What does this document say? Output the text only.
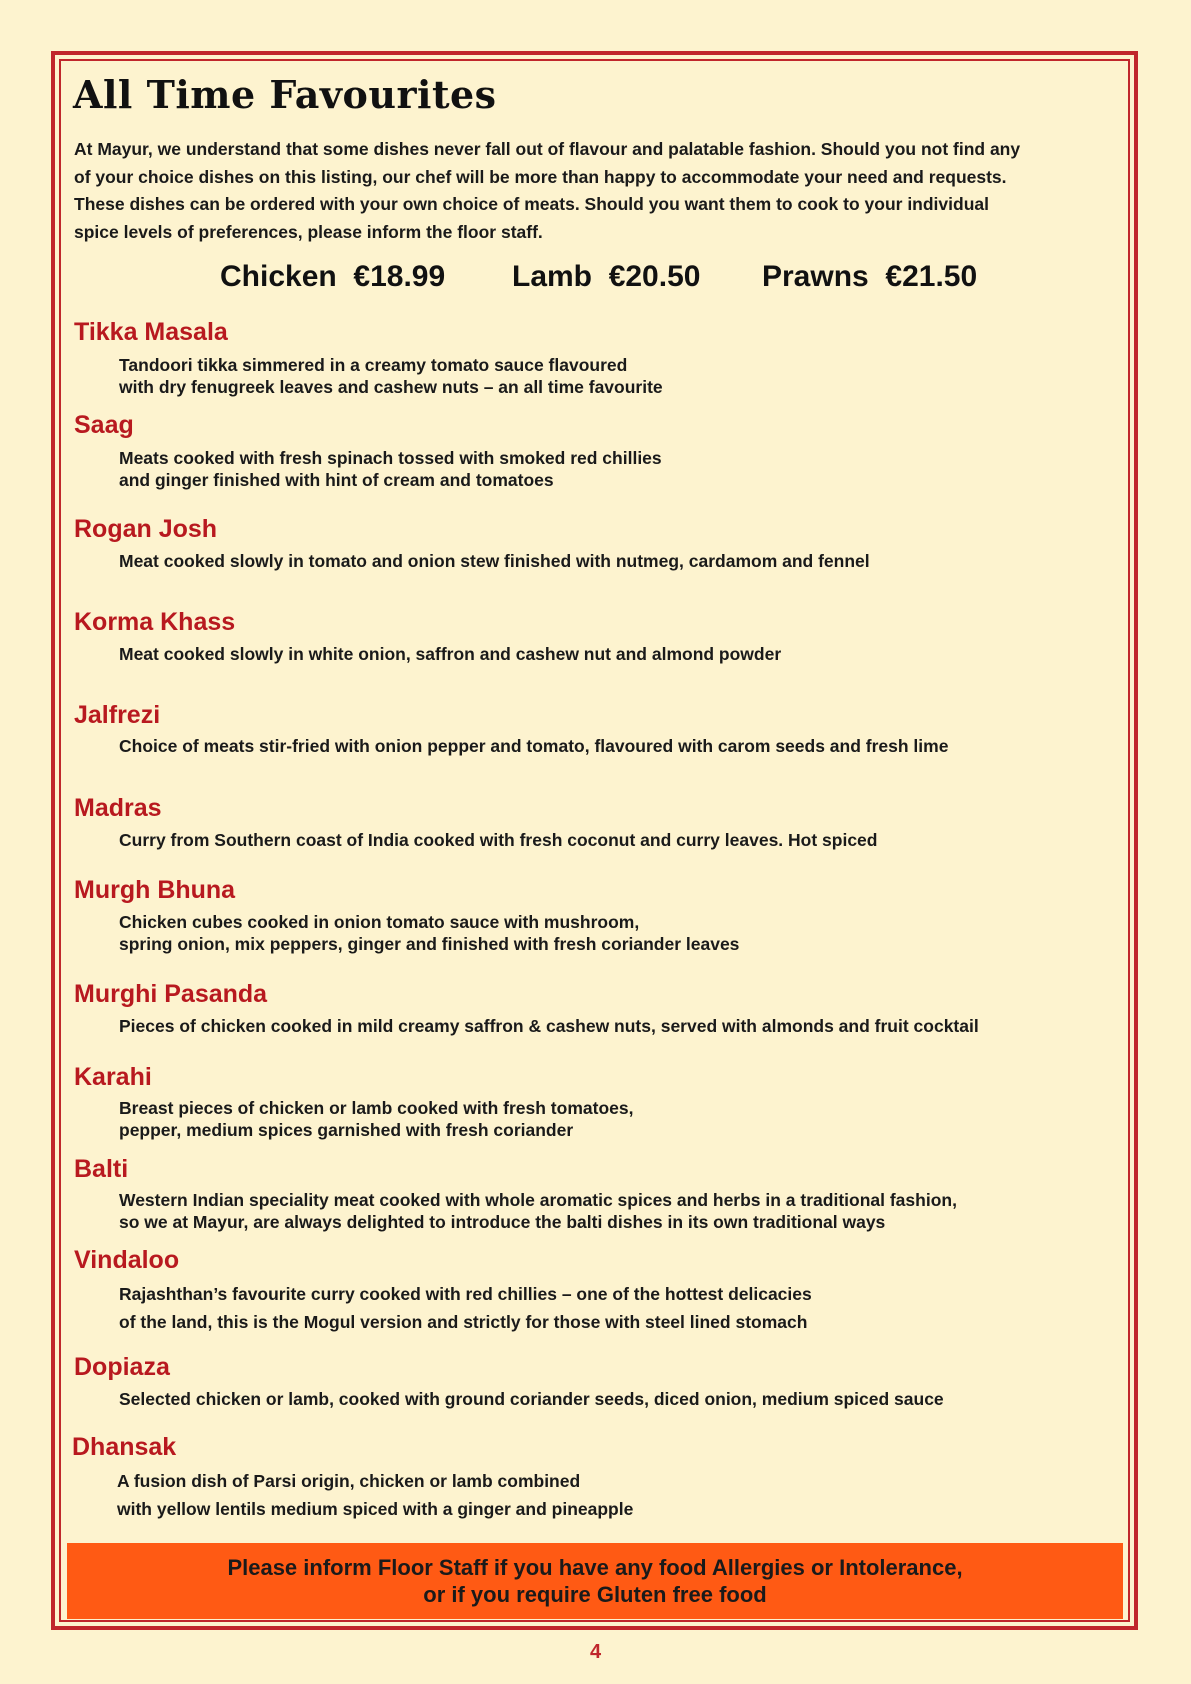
All Time Favourites

At Mayur, we understand that some dishes never fall out of flavour and palatable fashion. Should you not find any
of your choice dishes on this listing, our chef will be more than happy to accommodate your need and requests.
These dishes can be ordered with your own choice of meats. Should you want them to cook to your individual
spice levels of preferences, please inform the floor staff.

Chicken €18.99 Lamb €20.50 Prawns €21.50
Tikka Masala

Tandoori tikka simmered in a creamy tomato sauce flavoured
with dry fenugreek leaves and cashew nuts – an all time favourite

Saag

Meats cooked with fresh spinach tossed with smoked red chillies
and ginger finished with hint of cream and tomatoes

Rogan Josh

Meat cooked slowly in tomato and onion stew finished with nutmeg, cardamom and fennel

Korma Khass

Meat cooked slowly in white onion, saffron and cashew nut and almond powder

Jalfrezi

Choice of meats stir-fried with onion pepper and tomato, flavoured with carom seeds and fresh lime

Madras

Curry from Southern coast of India cooked with fresh coconut and curry leaves. Hot spiced

Murgh Bhuna

Chicken cubes cooked in onion tomato sauce with mushroom,
spring onion, mix peppers, ginger and finished with fresh coriander leaves

Murghi Pasanda

Pieces of chicken cooked in mild creamy saffron & cashew nuts, served with almonds and fruit cocktail

Karahi

Breast pieces of chicken or lamb cooked with fresh tomatoes,
pepper, medium spices garnished with fresh coriander

Balti

Western Indian speciality meat cooked with whole aromatic spices and herbs in a traditional fashion,
so we at Mayur, are always delighted to introduce the balti dishes in its own traditional ways

Vindaloo

Rajashthan’s favourite curry cooked with red chillies – one of the hottest delicacies
of the land, this is the Mogul version and strictly for those with steel lined stomach

Dopiaza

Selected chicken or lamb, cooked with ground coriander seeds, diced onion, medium spiced sauce

Dhansak

A fusion dish of Parsi origin, chicken or lamb combined
with yellow lentils medium spiced with a ginger and pineapple

Please inform Floor Staff if you have any food Allergies or Intolerance,
or if you require Gluten free food
4
